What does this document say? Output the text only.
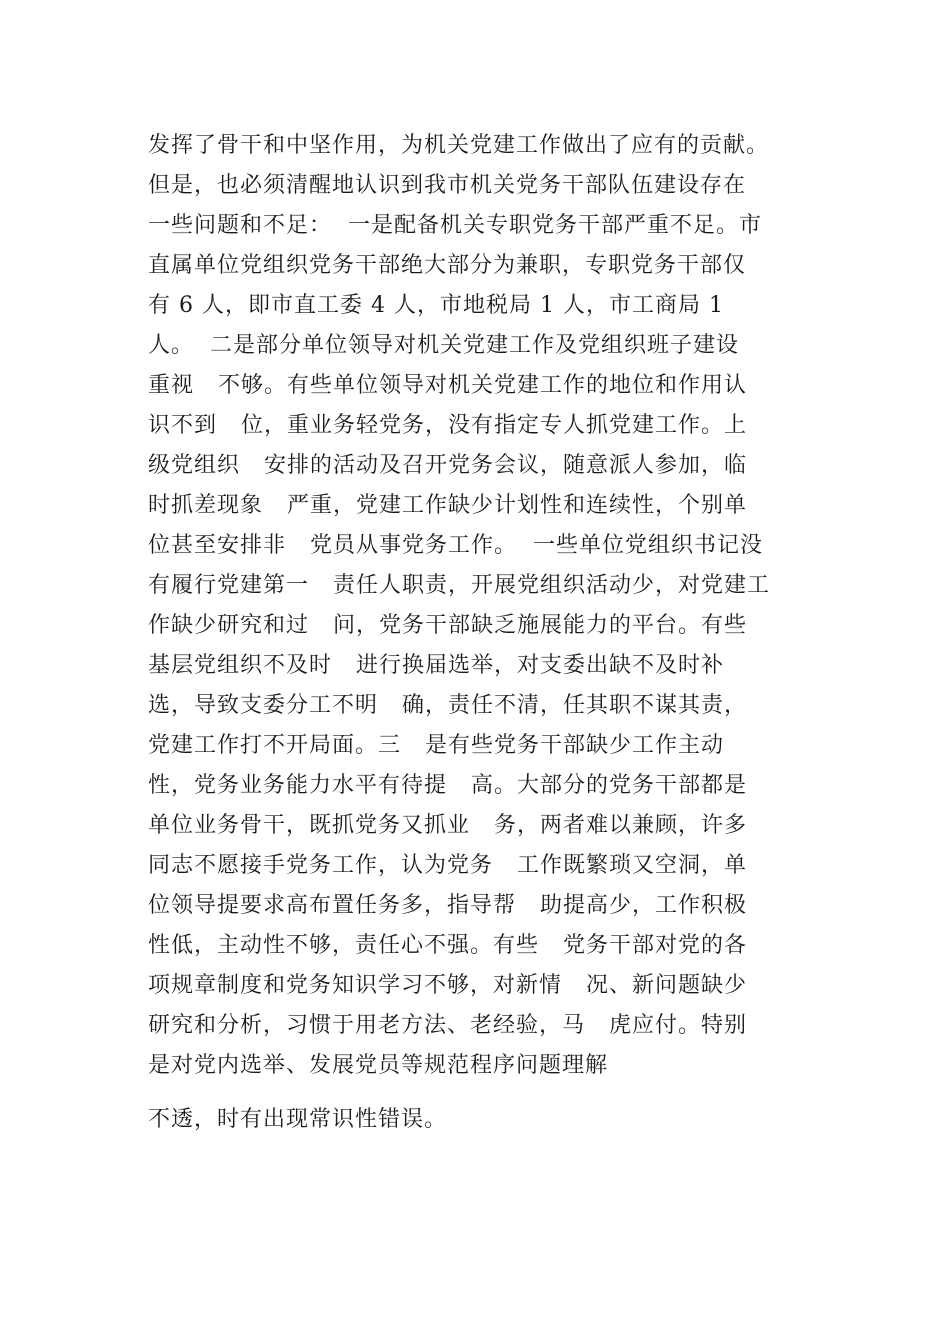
发挥了骨干和中坚作用，为机关党建工作做出了应有的贡献。
但是，也必须清醒地认识到我市机关党务干部队伍建设存在
一些问题和不足：  一是配备机关专职党务干部严重不足。市
直属单位党组织党务干部绝大部分为兼职，专职党务干部仅
有 6 人，即市直工委 4 人，市地税局 1 人，市工商局 1
人。  二是部分单位领导对机关党建工作及党组织班子建设
重视   不够。有些单位领导对机关党建工作的地位和作用认
识不到   位，重业务轻党务，没有指定专人抓党建工作。上
级党组织   安排的活动及召开党务会议，随意派人参加，临
时抓差现象   严重，党建工作缺少计划性和连续性，个别单
位甚至安排非   党员从事党务工作。  一些单位党组织书记没
有履行党建第一   责任人职责，开展党组织活动少，对党建工
作缺少研究和过   问，党务干部缺乏施展能力的平台。有些
基层党组织不及时   进行换届选举，对支委出缺不及时补
选，导致支委分工不明   确，责任不清，任其职不谋其责，
党建工作打不开局面。三   是有些党务干部缺少工作主动
性，党务业务能力水平有待提   高。大部分的党务干部都是
单位业务骨干，既抓党务又抓业   务，两者难以兼顾，许多
同志不愿接手党务工作，认为党务   工作既繁琐又空洞，单
位领导提要求高布置任务多，指导帮   助提高少，工作积极
性低，主动性不够，责任心不强。有些   党务干部对党的各
项规章制度和党务知识学习不够，对新情   况、新问题缺少
研究和分析，习惯于用老方法、老经验，马   虎应付。特别
是对党内选举、发展党员等规范程序问题理解
不透，时有出现常识性错误。
